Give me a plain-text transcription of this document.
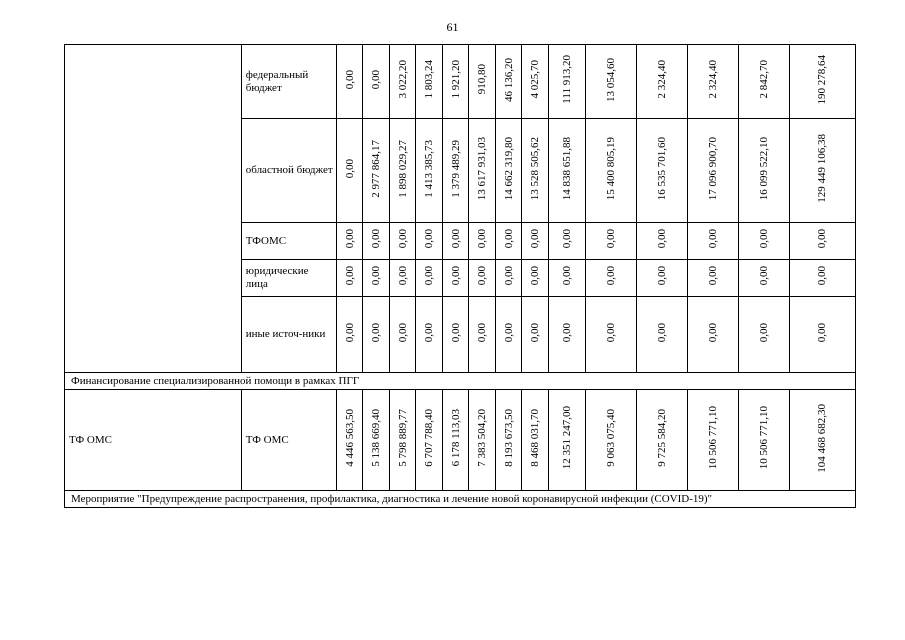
61
	федеральный бюджет	0,00	0,00	3 022,20	1 803,24	1 921,20	910,80	46 136,20	4 025,70	111 913,20	13 054,60	2 324,40	2 324,40	2 842,70	190 278,64
	областной бюджет	0,00	2 977 864,17	1 898 029,27	1 413 385,73	1 379 489,29	13 617 931,03	14 662 319,80	13 528 505,62	14 838 651,88	15 400 805,19	16 535 701,60	17 096 900,70	16 099 522,10	129 449 106,38
	ТФОМС	0,00	0,00	0,00	0,00	0,00	0,00	0,00	0,00	0,00	0,00	0,00	0,00	0,00	0,00
	юридические лица	0,00	0,00	0,00	0,00	0,00	0,00	0,00	0,00	0,00	0,00	0,00	0,00	0,00	0,00
	иные источ-ники	0,00	0,00	0,00	0,00	0,00	0,00	0,00	0,00	0,00	0,00	0,00	0,00	0,00	0,00
Финансирование специализированной помощи в рамках ПГГ															
ТФ ОМС	ТФ ОМС	4 446 563,50	5 138 669,40	5 798 889,77	6 707 788,40	6 178 113,03	7 383 504,20	8 193 673,50	8 468 031,70	12 351 247,00	9 063 075,40	9 725 584,20	10 506 771,10	10 506 771,10	104 468 682,30
Мероприятие "Предупреждение распространения, профилактика, диагностика и лечение новой коронавирусной инфекции (COVID-19)"															
